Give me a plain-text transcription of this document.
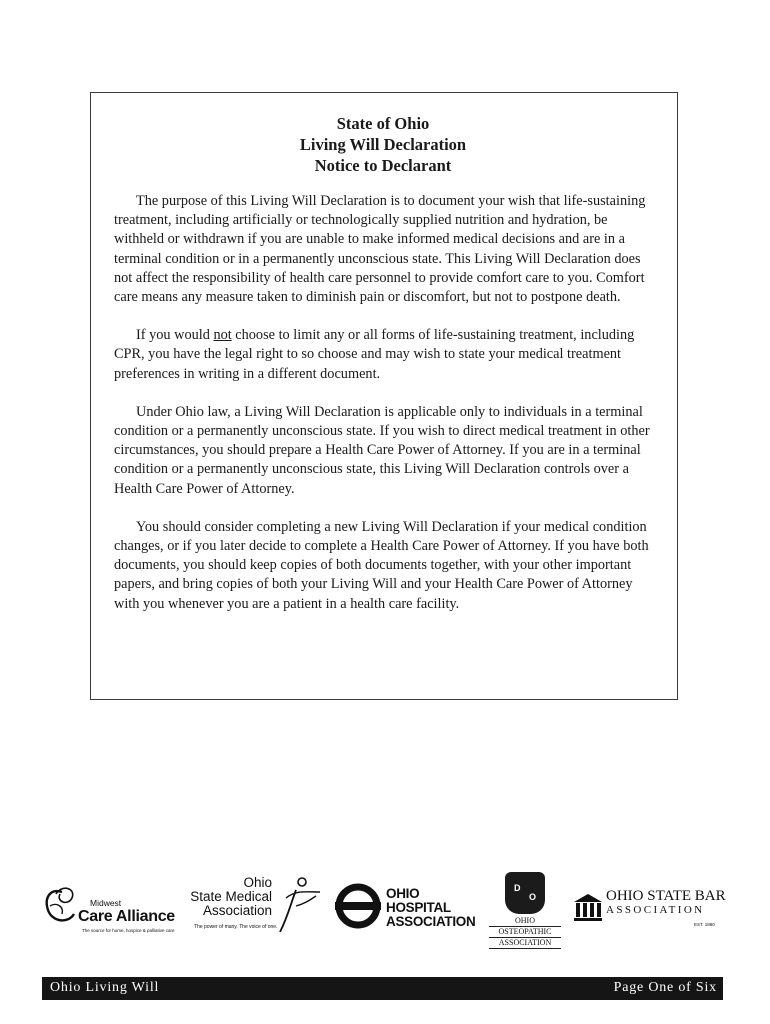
State of Ohio
Living Will Declaration
Notice to Declarant

The purpose of this Living Will Declaration is to document your wish that life-sustaining treatment, including artificially or technologically supplied nutrition and hydration, be withheld or withdrawn if you are unable to make informed medical decisions and are in a terminal condition or in a permanently unconscious state. This Living Will Declaration does not affect the responsibility of health care personnel to provide comfort care to you. Comfort care means any measure taken to diminish pain or discomfort, but not to postpone death.

If you would not choose to limit any or all forms of life-sustaining treatment, including CPR, you have the legal right to so choose and may wish to state your medical treatment preferences in writing in a different document.

Under Ohio law, a Living Will Declaration is applicable only to individuals in a terminal condition or a permanently unconscious state. If you wish to direct medical treatment in other circumstances, you should prepare a Health Care Power of Attorney. If you are in a terminal condition or a permanently unconscious state, this Living Will Declaration controls over a Health Care Power of Attorney.

You should consider completing a new Living Will Declaration if your medical condition changes, or if you later decide to complete a Health Care Power of Attorney. If you have both documents, you should keep copies of both documents together, with your other important papers, and bring copies of both your Living Will and your Health Care Power of Attorney with you whenever you are a patient in a health care facility.

Midwest
Care Alliance
The source for home, hospice & palliative care
Ohio
State Medical
Association
The power of many. The voice of one.
OHIO
HOSPITAL
ASSOCIATION
D
O
OHIO
OSTEOPATHIC
ASSOCIATION
OHIO STATE BAR
ASSOCIATION
EST. 1880
Ohio Living Will	Page One of Six
